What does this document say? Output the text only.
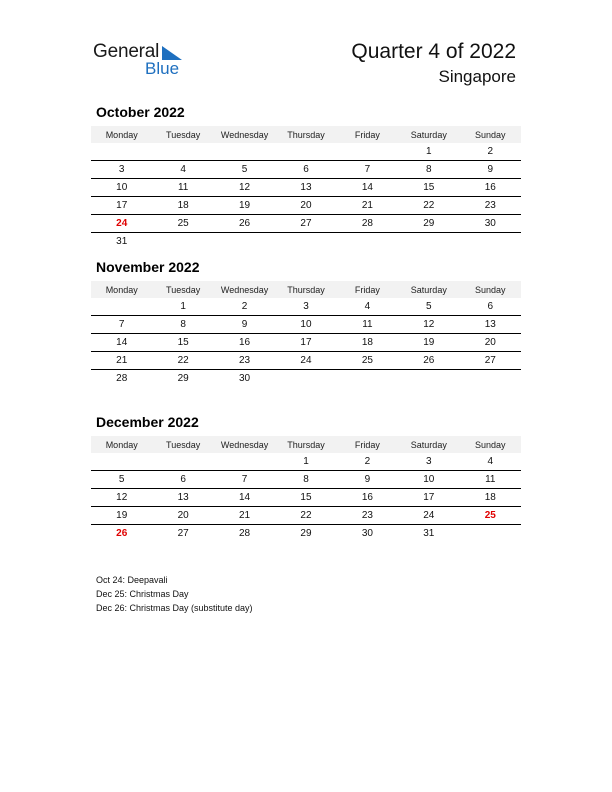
General
Blue
Quarter 4 of 2022
Singapore
October 2022
Monday	Tuesday	Wednesday	Thursday	Friday	Saturday	Sunday
					1	2
3	4	5	6	7	8	9
10	11	12	13	14	15	16
17	18	19	20	21	22	23
24	25	26	27	28	29	30
31						
November 2022
Monday	Tuesday	Wednesday	Thursday	Friday	Saturday	Sunday
	1	2	3	4	5	6
7	8	9	10	11	12	13
14	15	16	17	18	19	20
21	22	23	24	25	26	27
28	29	30				
December 2022
Monday	Tuesday	Wednesday	Thursday	Friday	Saturday	Sunday
			1	2	3	4
5	6	7	8	9	10	11
12	13	14	15	16	17	18
19	20	21	22	23	24	25
26	27	28	29	30	31	
Oct 24: Deepavali
Dec 25: Christmas Day
Dec 26: Christmas Day (substitute day)
